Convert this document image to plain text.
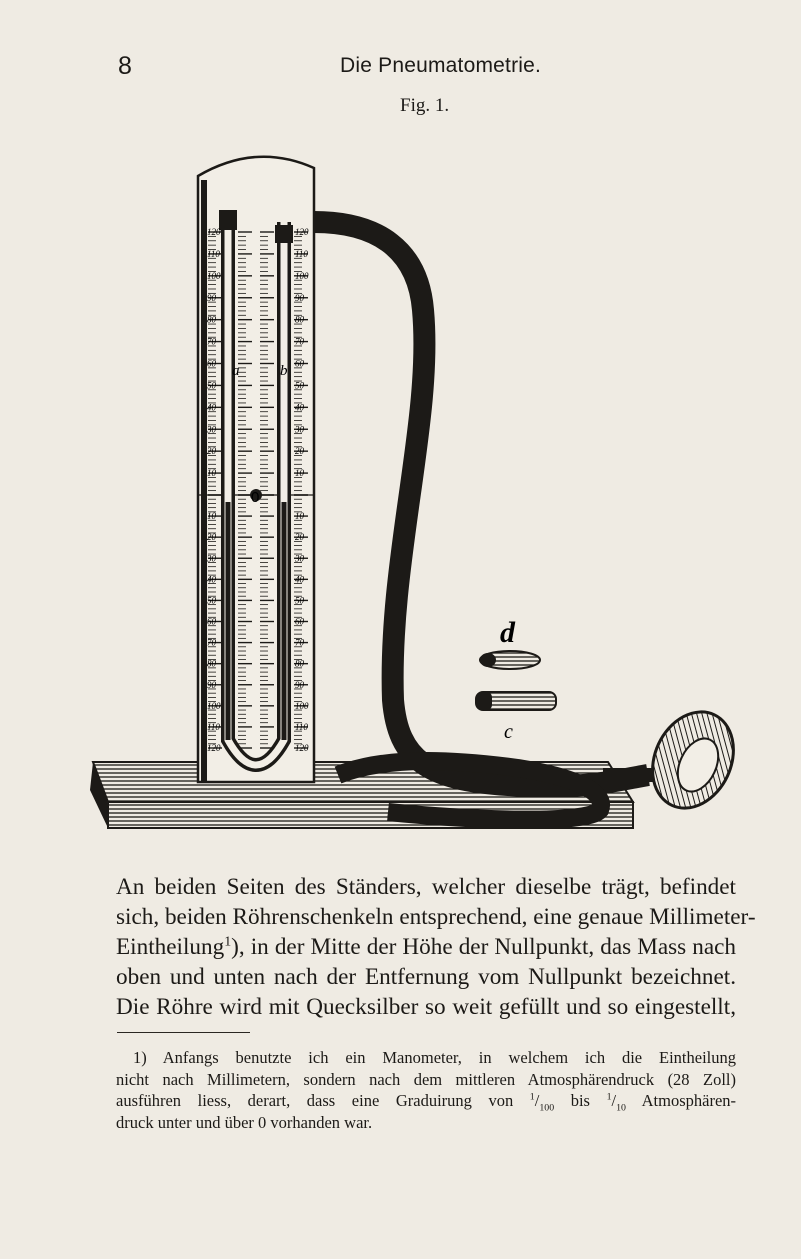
8	Die Pneumatometrie.
Fig. 1.
120
110
100
90
80
70
60
50
40
30
20
10
10
20
30
40
50
60
70
80
90
100
110
120
120
110
100
90
80
70
60
50
40
30
20
10
10
20
30
40
50
60
70
80
90
100
110
120
a	b
0
d
c
An beiden Seiten des Ständers, welcher dieselbe trägt, befindet
sich, beiden Röhrenschenkeln entsprechend, eine genaue Millimeter-
Eintheilung$^1$), in der Mitte der Höhe der Nullpunkt, das Mass nach
oben und unten nach der Entfernung vom Nullpunkt bezeichnet.
Die Röhre wird mit Quecksilber so weit gefüllt und so eingestellt,
1) Anfangs benutzte ich ein Manometer, in welchem ich die Eintheilung
nicht nach Millimetern, sondern nach dem mittleren Atmosphärendruck (28 Zoll)
ausführen liess, derart, dass eine Graduirung von $^1/_{100}$ bis $^1/_{10}$ Atmosphären-
druck unter und über 0 vorhanden war.
